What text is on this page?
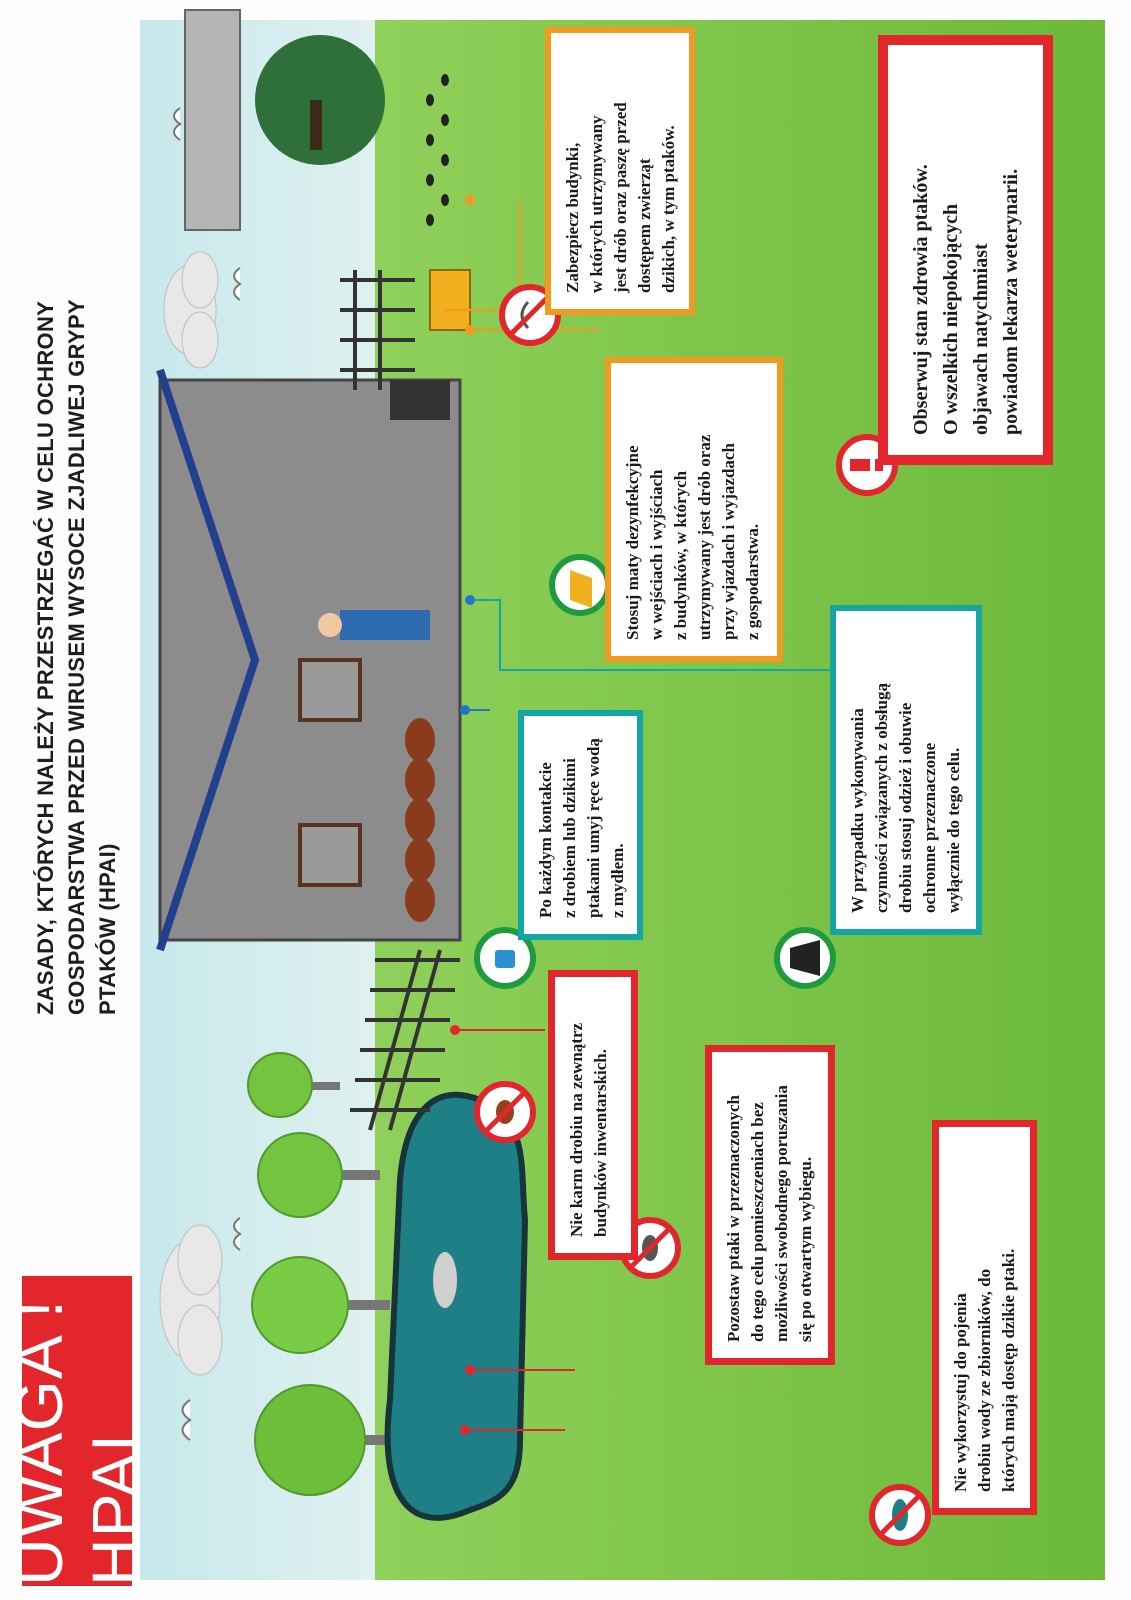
UWAGA ! HPAI
ZASADY, KTÓRYCH NALEŻY PRZESTRZEGAĆ W CELU OCHRONY GOSPODARSTWA PRZED WIRUSEM WYSOCE ZJADLIWEJ GRYPY PTAKÓW (HPAI)
Nie karm drobiu na zewnątrz budynków inwentarskich.	Pozostaw ptaki w przeznaczonych do tego celu pomieszczeniach bez możliwości swobodnego poruszania się po otwartym wybiegu.
Nie wykorzystuj do pojenia drobiu wody ze zbiorników, do których mają dostęp dzikie ptaki.
Po każdym kontakcie z drobiem lub dzikimi ptakami umyj ręce wodą z mydłem.	W przypadku wykonywania czynności związanych z obsługą drobiu stosuj odzież i obuwie ochronne przeznaczone wyłącznie do tego celu.
Stosuj maty dezynfekcyjne w wejściach i wyjściach z budynków, w których utrzymywany jest drób oraz przy wjazdach i wyjazdach z gospodarstwa.
Zabezpiecz budynki, w których utrzymywany jest drób oraz paszę przed dostępem zwierząt dzikich, w tym ptaków.	Obserwuj stan zdrowia ptaków. O wszelkich niepokojących objawach natychmiast powiadom lekarza weterynarii.
